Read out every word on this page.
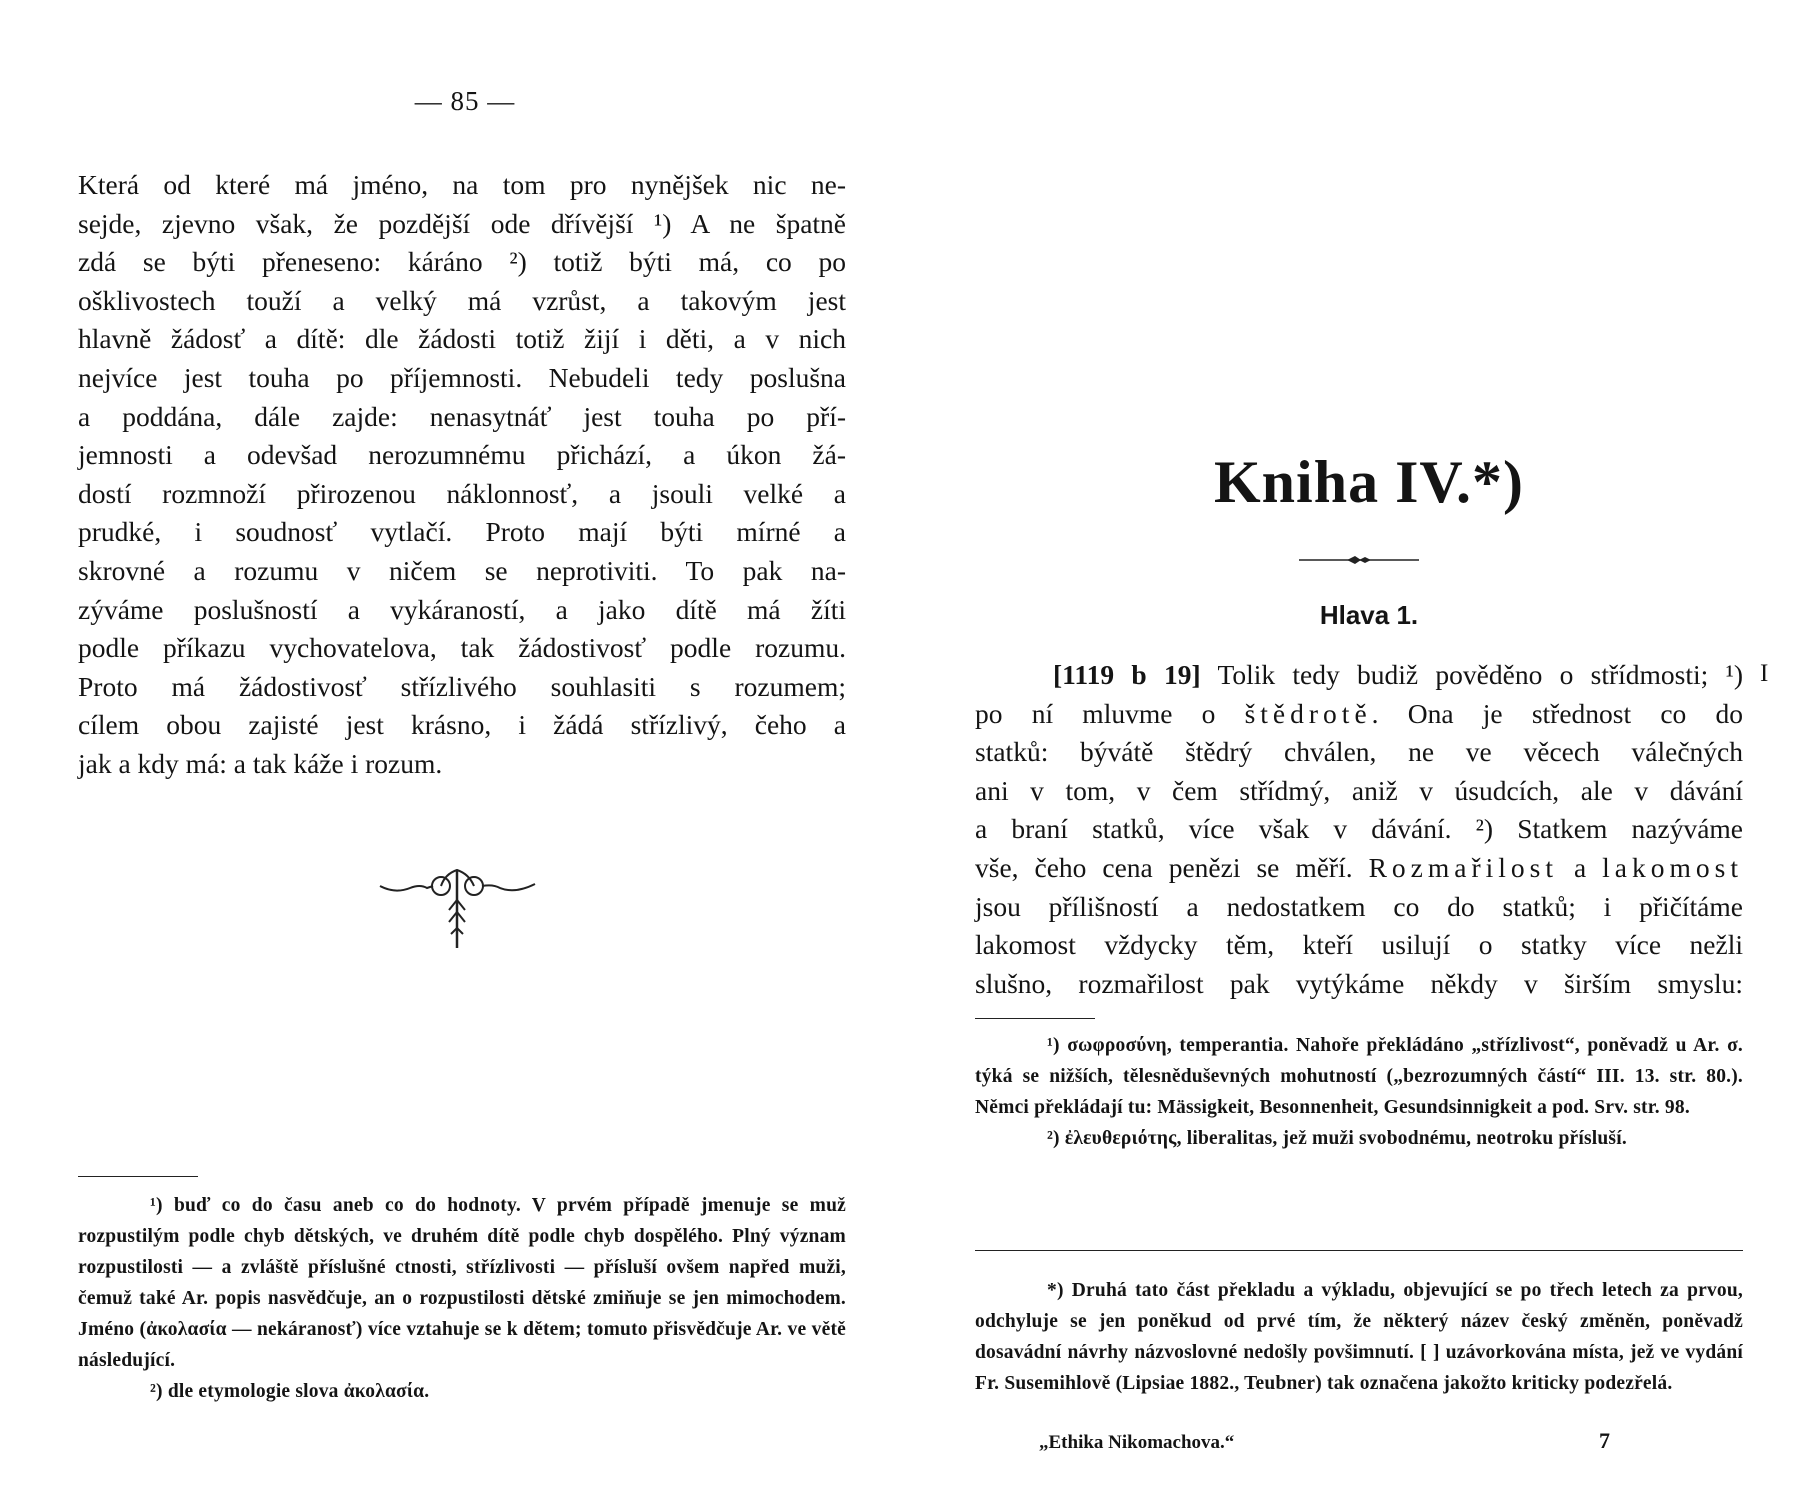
— 85 —
Která od které má jméno, na tom pro nynějšek nic ne-
sejde, zjevno však, že pozdější ode dřívější ¹) A ne špatně
zdá se býti přeneseno: káráno ²) totiž býti má, co po
ošklivostech touží a velký má vzrůst, a takovým jest
hlavně žádosť a dítě: dle žádosti totiž žijí i děti, a v nich
nejvíce jest touha po příjemnosti. Nebudeli tedy poslušna
a poddána, dále zajde: nenasytnáť jest touha po pří-
jemnosti a odevšad nerozumnému přichází, a úkon žá-
dostí rozmnoží přirozenou náklonnosť, a jsouli velké a
prudké, i soudnosť vytlačí. Proto mají býti mírné a
skrovné a rozumu v ničem se neprotiviti. To pak na-
zýváme poslušností a vykáraností, a jako dítě má žíti
podle příkazu vychovatelova, tak žádostivosť podle rozumu.
Proto má žádostivosť střízlivého souhlasiti s rozumem;
cílem obou zajisté jest krásno, i žádá střízlivý, čeho a
jak a kdy má: a tak káže i rozum.

¹) buď co do času aneb co do hodnoty. V prvém případě jmenuje se muž rozpustilým podle chyb dětských, ve druhém dítě podle chyb dospělého. Plný význam rozpustilosti — a zvláště příslušné ctnosti, střízlivosti — přísluší ovšem napřed muži, čemuž také Ar. popis nasvědčuje, an o rozpustilosti dětské zmiňuje se jen mimochodem. Jméno (ἀκολασία — nekáranosť) více vztahuje se k dětem; tomuto přisvědčuje Ar. ve větě následující.

²) dle etymologie slova ἀκολασία.

Kniha IV.*)
Hlava 1.
I
[1119 b 19] Tolik tedy budiž pověděno o střídmosti; ¹)
po ní mluvme o štědrotě. Ona je střednost co do
statků: bývátě štědrý chválen, ne ve věcech válečných
ani v tom, v čem střídmý, aniž v úsudcích, ale v dávání
a braní statků, více však v dávání. ²) Statkem nazýváme
vše, čeho cena penězi se měří. Rozmařilost a lakomost
jsou přílišností a nedostatkem co do statků; i přičítáme
lakomost vždycky těm, kteří usilují o statky více nežli
slušno, rozmařilost pak vytýkáme někdy v širším smyslu:

¹) σωφροσύνη, temperantia. Nahoře překládáno „střízlivost“, poněvadž u Ar. σ. týká se nižších, tělesněduševných mohutností („bezrozumných částí“ III. 13. str. 80.). Němci překládají tu: Mässigkeit, Besonnenheit, Gesundsinnigkeit a pod. Srv. str. 98.

²) ἐλευθεριότης, liberalitas, jež muži svobodnému, neotroku přísluší.

*) Druhá tato část překladu a výkladu, objevující se po třech letech za prvou, odchyluje se jen poněkud od prvé tím, že některý název český změněn, poněvadž dosavádní návrhy názvoslovné nedošly povšimnutí. [ ] uzávorkována místa, jež ve vydání Fr. Susemihlově (Lipsiae 1882., Teubner) tak označena jakožto kriticky podezřelá.

„Ethika Nikomachova.“	7
